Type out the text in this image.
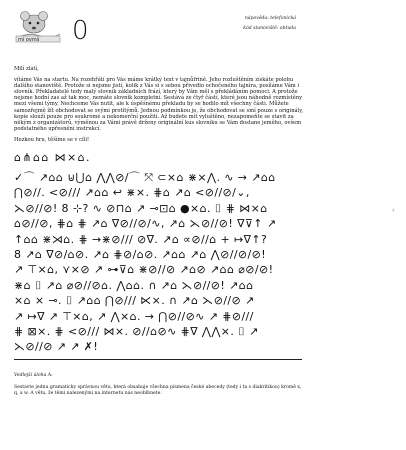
mi ovmš 0	nápověda: telefonická
kód stanoviště: obtuda

Milí zlatí,

vítáme Vás na startu. Na rozehřátí pro Vás máme krátký text v tajnůfrině. Jeho rozluštěním získáte polohu dalšího stanoviště. Protože si nejsme jistí, kolik z Vás si s sebou přivedlo ochočeného tajníra, posíláme Vám i slovník. Překladatelé tedy malý slovník základních frází, který by Vám měl s překládáním pomoci. A protože nejsme hodní zas až tak moc, nemáte slovník kompletní. Sestává ze čtyř částí, které jsou náhodně rozmístěny mezi všemi týmy. Nechceme Vás nutit, ale k úspěšnému překladu by se hodilo mít všechny části. Můžete samozřejmě žít obchodovat se svými protítýmů. Jednou podmínkou je, že obchodovat se smí pouze s originály, kopie slouží pouze pro soukromé a nekomerční použití. Až budete mít vyluštěno, nezapomeňte se stavit za někým z organizátorů, výměnou za Vámi právě drženy originální kus slovníku se Vám dostane jeměho, ovšem podstatného upřesnění instrukcí.

Hezkou hru, těšíme se v cíli!

⌂⋔⌂⌂ ⋈⨯⌂.
✓⌒ ↗⌂⌂ ⊍⋃⌂ ⋀⋀⊘/⌒ ⤧ ⊂⨯⌂ ⋇⨯⋀. ∿ → ↗⌂⌂
⋂⊘//. <⊘/// ↗⌂⌂ ↩ ⋇⨯. ⋕⌂ ↗⌂ <⊘//⊘/⌄,
⋋⊘//⊘! 8 ⊹? ∿ ⊘⊓⌂ ↗ ⊸⊡⌂ ●⨯⌂. ⌷ ⋕ ⋈⨯⌂
⌂⊘//⊘, ⋕⌂ ⋕ ↗⌂ ∇⊘//⊘/∿, ↗⌂ ⋋⊘//⊘! ∇⊽↑ ↗
↑⌂⌂ ⋇⋊⌂. ⋕ →⋇⊘/// ⊘∇. ↗⌂ ∝⊘//⌂ + ↦∇↑?
8 ↗⌂ ∇⊘/⌂⊘. ↗⌂ ⋕⊘/⌂⊘. ↗⌂⌂ ↗⌂ ⋀⊘//⊘/⊘!
↗ ⊤⨯⌂, ⋎⨯⊘ ↗ ⊶⊽⌂ ⋇⊘//⊘ ↗⌂⊘ ↗⌂⌂ ⌀⊘/⊘!
⋇⌂ ⌷ ↗⌂ ⌀⊘//⊘⌂. ⋀⌂⌂. ∩ ↗⌂ ⋋⊘//⊘! ↗⌂⌂
⨯⌂ ⨯ ⊸. ⌷ ↗⌂⌂ ⋂⊘/// ⋉⨯. ∩ ↗⌂ ⋋⊘//⊘ ↗
↗ ↦∇ ↗ ⊤⨯⌂, ↗ ⋀⨯⌂. → ⋂⊘//⊘∿ ↗ ⋕⊘///
⋕ ⊠⨯. ⋕ <⊘/// ⋈⨯. ⊘//⌂⊘∿ ⋕∇ ⋀⋀⨯. ⌷ ↗
⋋⊘//⊘ ↗ ↗ ✗!
›
Vedlejší úloha A:

Sestavte jednu gramaticky správnou větu, která obsahuje všechna písmena české abecedy (tedy i ta s diakritikou) kromě x, q, a w. A větu, že těmi nalezenými na internetu nás neoblbnete.
